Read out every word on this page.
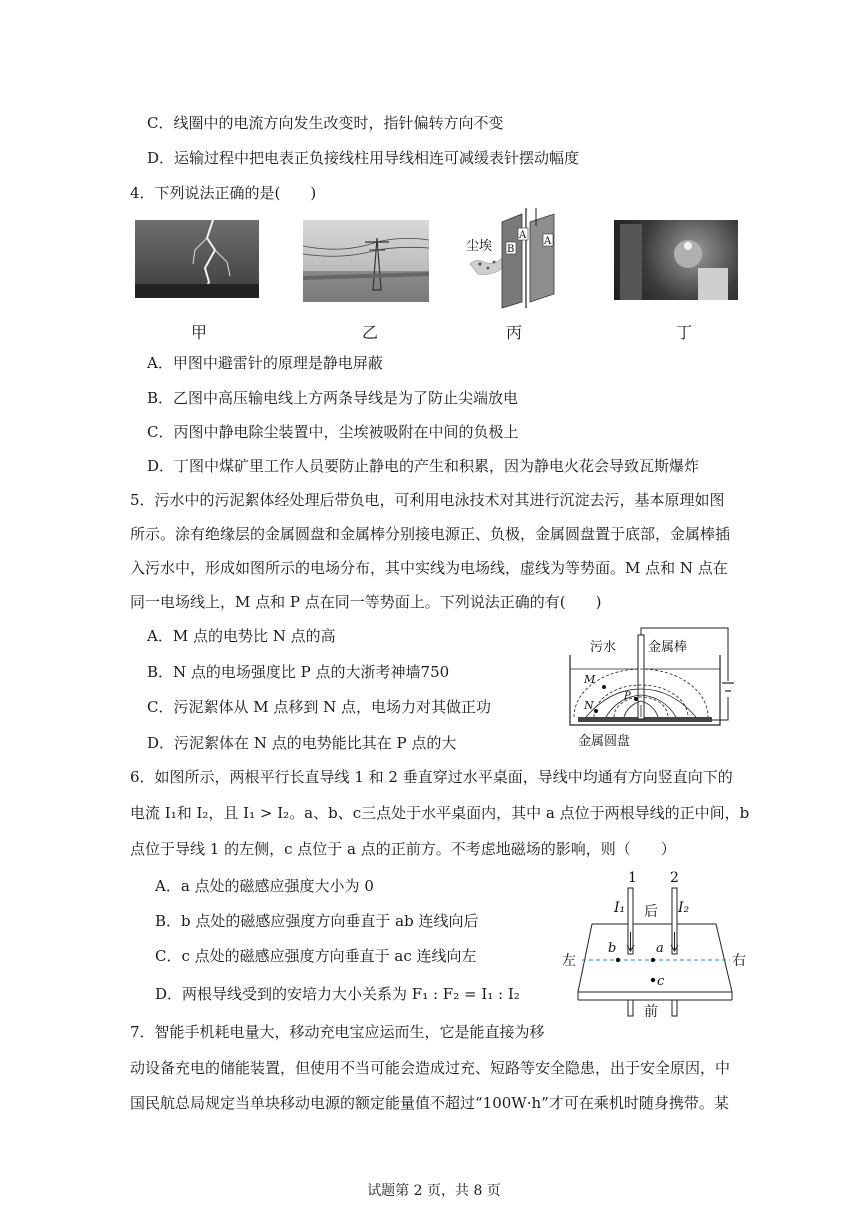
C．线圈中的电流方向发生改变时，指针偏转方向不变
D．运输过程中把电表正负接线柱用导线相连可减缓表针摆动幅度
4．下列说法正确的是(　　)
甲	乙
尘埃
A
B
A
丙	丁
A．甲图中避雷针的原理是静电屏蔽
B．乙图中高压输电线上方两条导线是为了防止尖端放电
C．丙图中静电除尘装置中，尘埃被吸附在中间的负极上
D．丁图中煤矿里工作人员要防止静电的产生和积累，因为静电火花会导致瓦斯爆炸
5．污水中的污泥絮体经处理后带负电，可利用电泳技术对其进行沉淀去污，基本原理如图
所示。涂有绝缘层的金属圆盘和金属棒分别接电源正、负极，金属圆盘置于底部，金属棒插
入污水中，形成如图所示的电场分布，其中实线为电场线，虚线为等势面。M 点和 N 点在
同一电场线上，M 点和 P 点在同一等势面上。下列说法正确的有(　　)
A．M 点的电势比 N 点的高
B．N 点的电场强度比 P 点的大浙考神墙750
C．污泥絮体从 M 点移到 N 点，电场力对其做正功
D．污泥絮体在 N 点的电势能比其在 P 点的大
M
N
P
污水 金属棒
金属圆盘
6．如图所示，两根平行长直导线 1 和 2 垂直穿过水平桌面，导线中均通有方向竖直向下的
电流 I₁和 I₂，且 I₁ > I₂。a、b、c三点处于水平桌面内，其中 a 点位于两根导线的正中间，b
点位于导线 1 的左侧，c 点位于 a 点的正前方。不考虑地磁场的影响，则（　　）
A．a 点处的磁感应强度大小为 0
B．b 点处的磁感应强度方向垂直于 ab 连线向后
C．c 点处的磁感应强度方向垂直于 ac 连线向左
D．两根导线受到的安培力大小关系为 F₁ : F₂ = I₁ : I₂
1 2
I₁	I₂
后
前
左	右
a
b
c
7．智能手机耗电量大，移动充电宝应运而生，它是能直接为移
动设备充电的储能装置，但使用不当可能会造成过充、短路等安全隐患，出于安全原因，中
国民航总局规定当单块移动电源的额定能量值不超过“100W·h”才可在乘机时随身携带。某
试题第 2 页，共 8 页
